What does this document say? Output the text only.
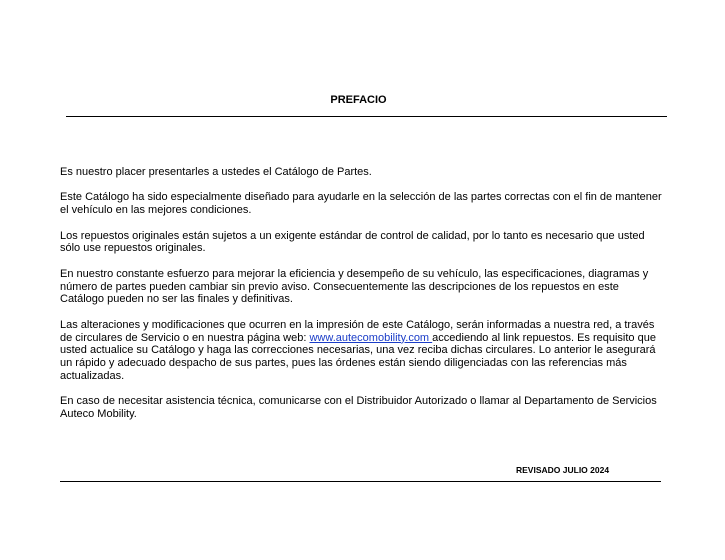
PREFACIO

Es nuestro placer presentarles a ustedes el Catálogo de Partes.

Este Catálogo ha sido especialmente diseñado para ayudarle en la selección de las partes correctas con el fin de mantener el vehículo en las mejores condiciones.

Los repuestos originales están sujetos a un exigente estándar de control de calidad, por lo tanto es necesario que usted sólo use repuestos originales.

En nuestro constante esfuerzo para mejorar la eficiencia y desempeño de su vehículo, las especificaciones, diagramas y número de partes pueden cambiar sin previo aviso. Consecuentemente las descripciones de los repuestos en este Catálogo pueden no ser las finales y definitivas.

Las alteraciones y modificaciones que ocurren en la impresión de este Catálogo, serán informadas a nuestra red, a través de circulares de Servicio o en nuestra página web: www.autecomobility.com accediendo al link repuestos. Es requisito que usted actualice su Catálogo y haga las correcciones necesarias, una vez reciba dichas circulares. Lo anterior le asegurará un rápido y adecuado despacho de sus partes, pues las órdenes están siendo diligenciadas con las referencias más actualizadas.

En caso de necesitar asistencia técnica, comunicarse con el Distribuidor Autorizado o llamar al Departamento de Servicios Auteco Mobility.

REVISADO JULIO 2024
